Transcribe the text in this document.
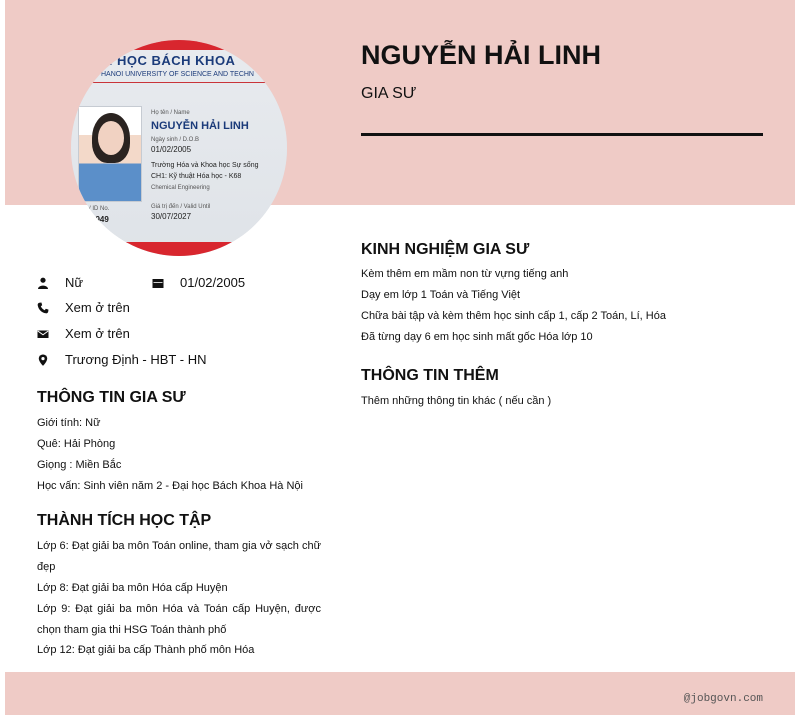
ĐẠI HỌC BÁCH KHOA
HANOI UNIVERSITY OF SCIENCE AND TECHN
Họ tên / Name
NGUYỄN HẢI LINH
Ngày sinh / D.O.B
01/02/2005
Trường Hóa và Khoa học Sự sống
CH1: Kỹ thuật Hóa học - K68
Chemical Engineering
/ ID No.
0949
Giá trị đến / Valid Until
30/07/2027
NGUYỄN HẢI LINH
GIA SƯ
Nữ	01/02/2005
Xem ở trên
Xem ở trên
Trương Định - HBT - HN
THÔNG TIN GIA SƯ
Giới tính: Nữ
Quê: Hải Phòng
Giọng : Miền Bắc
Học vấn: Sinh viên năm 2 - Đại học Bách Khoa Hà Nội
THÀNH TÍCH HỌC TẬP
Lớp 6: Đạt giải ba môn Toán online, tham gia vở sạch chữ đẹp
Lớp 8: Đạt giải ba môn Hóa cấp Huyện
Lớp 9: Đạt giải ba môn Hóa và Toán cấp Huyện, được chọn tham gia thi HSG Toán thành phố
Lớp 12: Đạt giải ba cấp Thành phố môn Hóa
KINH NGHIỆM GIA SƯ
Kèm thêm em mầm non từ vựng tiếng anh
Dạy em lớp 1 Toán và Tiếng Việt
Chữa bài tập và kèm thêm học sinh cấp 1, cấp 2 Toán, Lí, Hóa
Đã từng dạy 6 em học sinh mất gốc Hóa lớp 10
THÔNG TIN THÊM
Thêm những thông tin khác ( nếu cần )
@jobgovn.com
